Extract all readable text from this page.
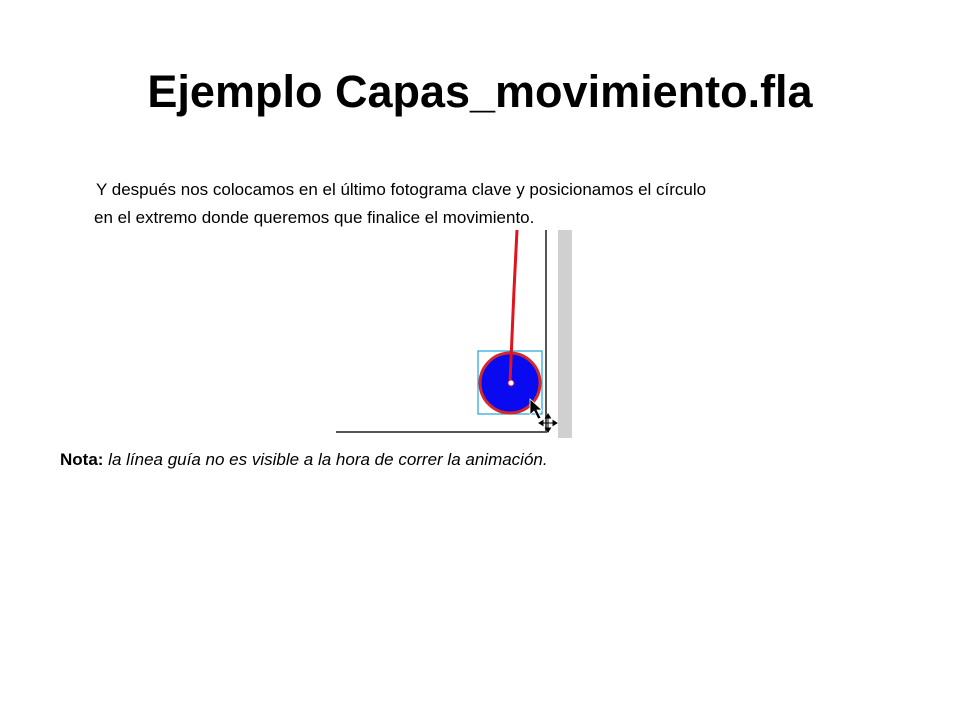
Ejemplo Capas_movimiento.fla

Y después nos colocamos en el último fotograma clave y posicionamos el círculo
en el extremo donde queremos que finalice el movimiento.

Nota: la línea guía no es visible a la hora de correr la animación.
